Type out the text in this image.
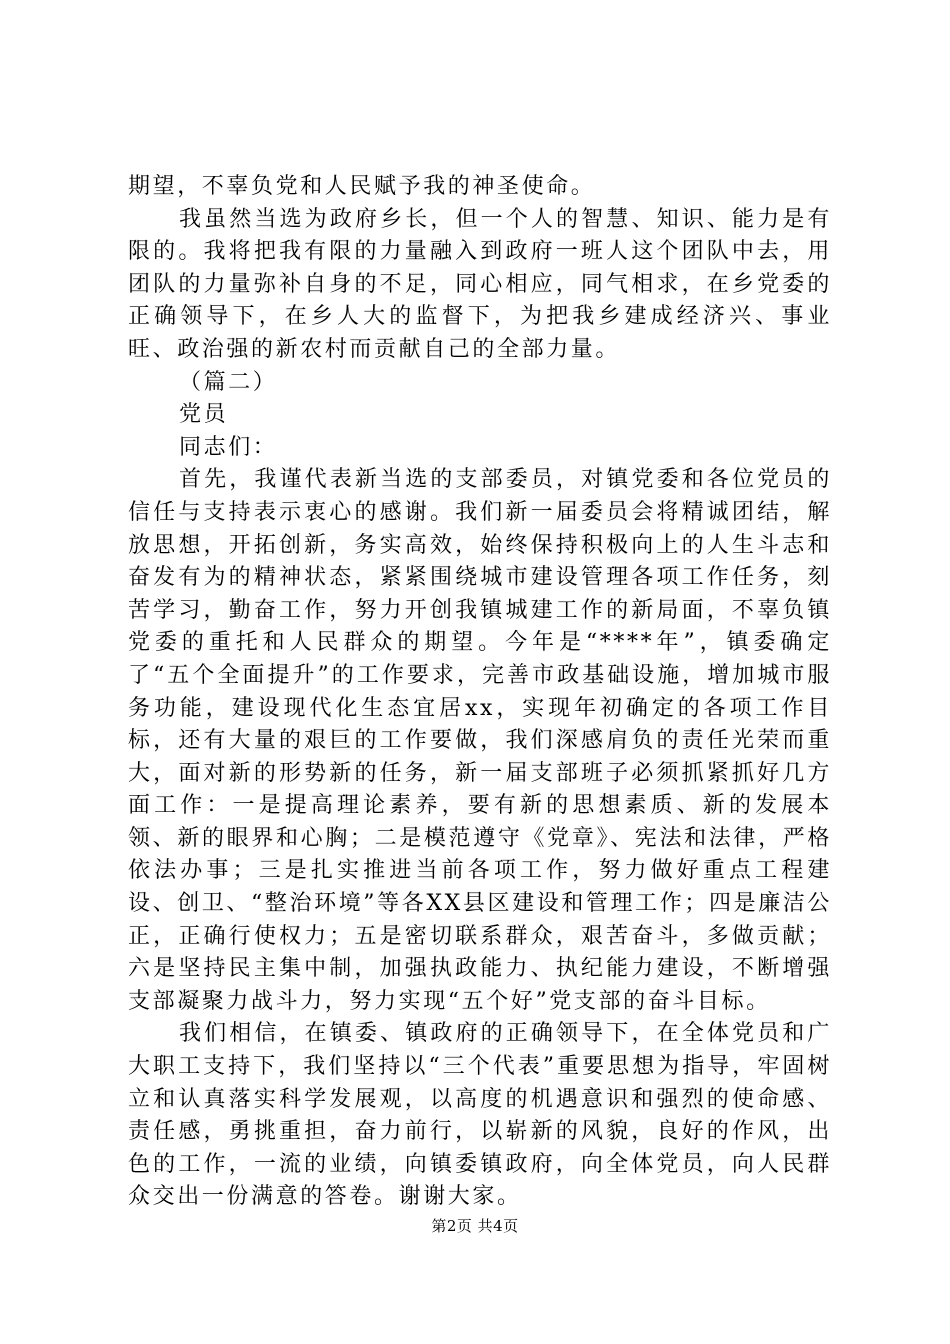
期望，不辜负党和人民赋予我的神圣使命。

我虽然当选为政府乡长，但一个人的智慧、知识、能力是有限的。我将把我有限的力量融入到政府一班人这个团队中去，用团队的力量弥补自身的不足，同心相应，同气相求，在乡党委的正确领导下，在乡人大的监督下，为把我乡建成经济兴、事业旺、政治强的新农村而贡献自己的全部力量。

（篇二）

党员

同志们：

首先，我谨代表新当选的支部委员，对镇党委和各位党员的信任与支持表示衷心的感谢。我们新一届委员会将精诚团结，解放思想，开拓创新，务实高效，始终保持积极向上的人生斗志和奋发有为的精神状态，紧紧围绕城市建设管理各项工作任务，刻苦学习，勤奋工作，努力开创我镇城建工作的新局面，不辜负镇党委的重托和人民群众的期望。今年是“****年”，镇委确定了“五个全面提升”的工作要求，完善市政基础设施，增加城市服务功能，建设现代化生态宜居xx，实现年初确定的各项工作目标，还有大量的艰巨的工作要做，我们深感肩负的责任光荣而重大，面对新的形势新的任务，新一届支部班子必须抓紧抓好几方面工作：一是提高理论素养，要有新的思想素质、新的发展本领、新的眼界和心胸；二是模范遵守《党章》、宪法和法律，严格依法办事；三是扎实推进当前各项工作，努力做好重点工程建设、创卫、“整治环境”等各XX县区建设和管理工作；四是廉洁公正，正确行使权力；五是密切联系群众，艰苦奋斗，多做贡献；六是坚持民主集中制，加强执政能力、执纪能力建设，不断增强支部凝聚力战斗力，努力实现“五个好”党支部的奋斗目标。

我们相信，在镇委、镇政府的正确领导下，在全体党员和广大职工支持下，我们坚持以“三个代表”重要思想为指导，牢固树立和认真落实科学发展观，以高度的机遇意识和强烈的使命感、责任感，勇挑重担，奋力前行，以崭新的风貌，良好的作风，出色的工作，一流的业绩，向镇委镇政府，向全体党员，向人民群众交出一份满意的答卷。谢谢大家。

第2页 共4页
